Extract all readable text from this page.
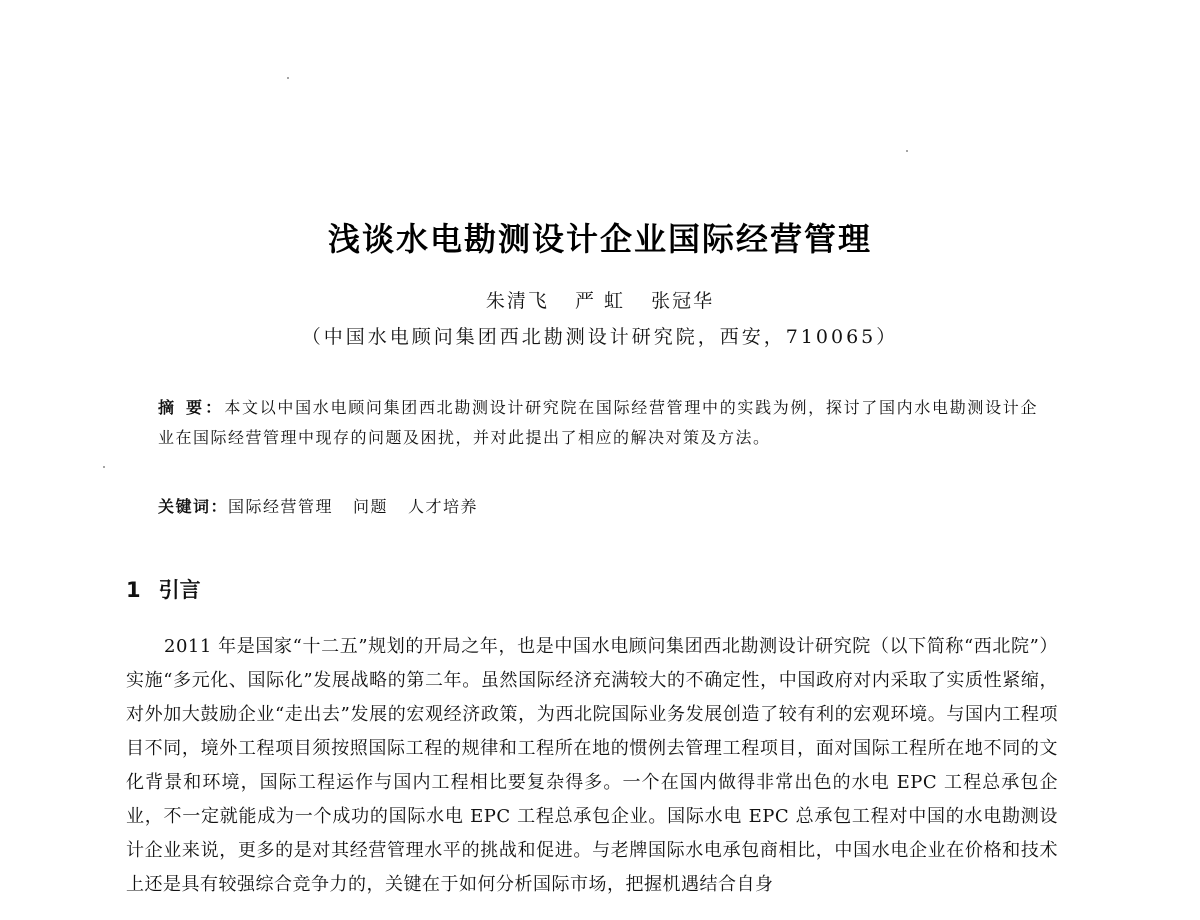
浅谈水电勘测设计企业国际经营管理
朱清飞 严 虹 张冠华
（中国水电顾问集团西北勘测设计研究院，西安，710065）
摘 要：本文以中国水电顾问集团西北勘测设计研究院在国际经营管理中的实践为例，探讨了国内水电勘测设计企业在国际经营管理中现存的问题及困扰，并对此提出了相应的解决对策及方法。
关键词：国际经营管理 问题 人才培养
1 引言
2011 年是国家“十二五”规划的开局之年，也是中国水电顾问集团西北勘测设计研究院（以下简称“西北院”）实施“多元化、国际化”发展战略的第二年。虽然国际经济充满较大的不确定性，中国政府对内采取了实质性紧缩，对外加大鼓励企业“走出去”发展的宏观经济政策，为西北院国际业务发展创造了较有利的宏观环境。与国内工程项目不同，境外工程项目须按照国际工程的规律和工程所在地的惯例去管理工程项目，面对国际工程所在地不同的文化背景和环境，国际工程运作与国内工程相比要复杂得多。一个在国内做得非常出色的水电 EPC 工程总承包企业，不一定就能成为一个成功的国际水电 EPC 工程总承包企业。国际水电 EPC 总承包工程对中国的水电勘测设计企业来说，更多的是对其经营管理水平的挑战和促进。与老牌国际水电承包商相比，中国水电企业在价格和技术上还是具有较强综合竞争力的，关键在于如何分析国际市场，把握机遇结合自身
